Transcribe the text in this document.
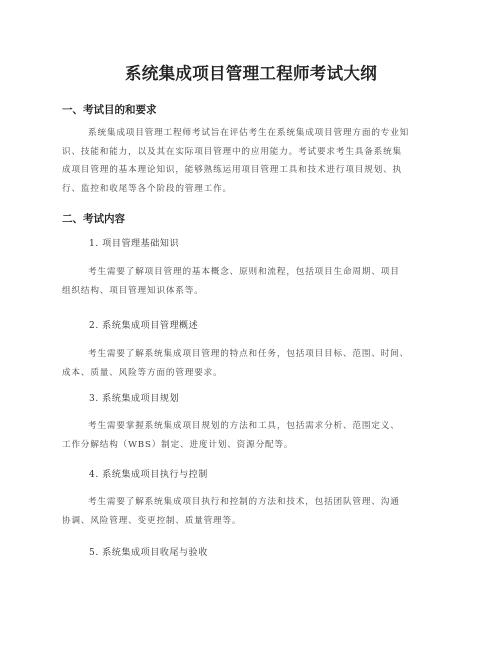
系统集成项目管理工程师考试大纲
一、考试目的和要求
系统集成项目管理工程师考试旨在评估考生在系统集成项目管理方面的专业知
识、技能和能力，以及其在实际项目管理中的应用能力。考试要求考生具备系统集
成项目管理的基本理论知识，能够熟练运用项目管理工具和技术进行项目规划、执
行、监控和收尾等各个阶段的管理工作。
二、考试内容
1. 项目管理基础知识
考生需要了解项目管理的基本概念、原则和流程，包括项目生命周期、项目
组织结构、项目管理知识体系等。
2. 系统集成项目管理概述
考生需要了解系统集成项目管理的特点和任务，包括项目目标、范围、时间、
成本、质量、风险等方面的管理要求。
3. 系统集成项目规划
考生需要掌握系统集成项目规划的方法和工具，包括需求分析、范围定义、
工作分解结构（WBS）制定、进度计划、资源分配等。
4. 系统集成项目执行与控制
考生需要了解系统集成项目执行和控制的方法和技术，包括团队管理、沟通
协调、风险管理、变更控制、质量管理等。
5. 系统集成项目收尾与验收
